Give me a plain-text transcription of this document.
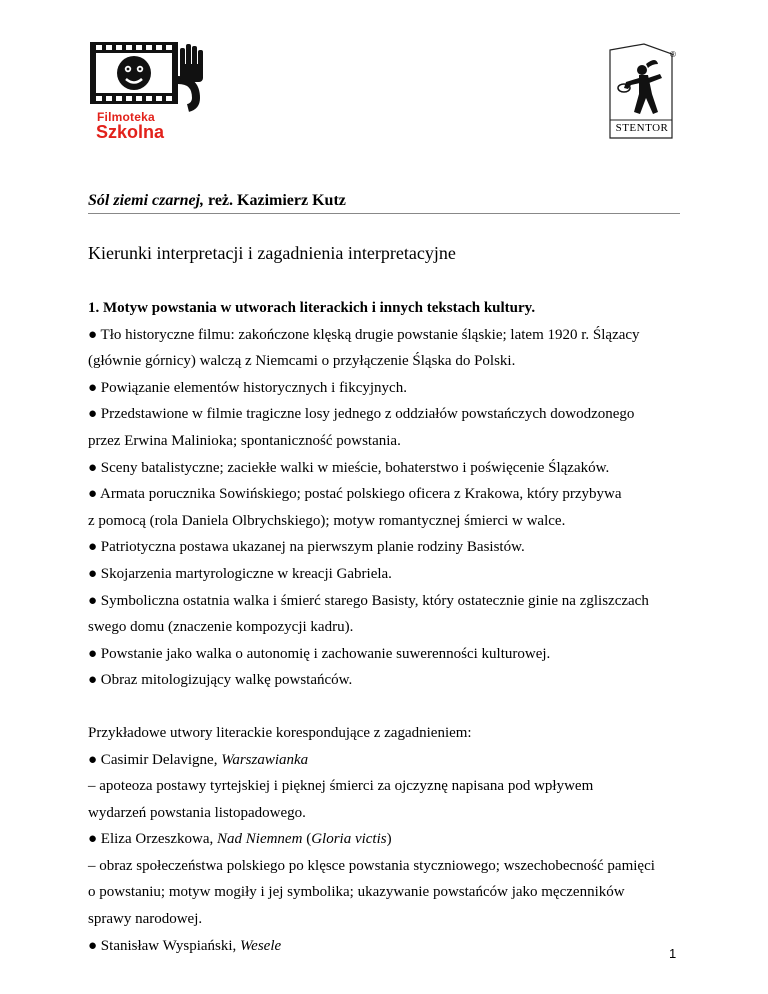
Filmoteka
Szkolna	STENTOR
®
Sól ziemi czarnej, reż. Kazimierz Kutz
Kierunki interpretacji i zagadnienia interpretacyjne

1. Motyw powstania w utworach literackich i innych tekstach kultury.

● Tło historyczne filmu: zakończone klęską drugie powstanie śląskie; latem 1920 r. Ślązacy

(głównie górnicy) walczą z Niemcami o przyłączenie Śląska do Polski.

● Powiązanie elementów historycznych i fikcyjnych.

● Przedstawione w filmie tragiczne losy jednego z oddziałów powstańczych dowodzonego

przez Erwina Malinioka; spontaniczność powstania.

● Sceny batalistyczne; zaciekłe walki w mieście, bohaterstwo i poświęcenie Ślązaków.

● Armata porucznika Sowińskiego; postać polskiego oficera z Krakowa, który przybywa

z pomocą (rola Daniela Olbrychskiego); motyw romantycznej śmierci w walce.

● Patriotyczna postawa ukazanej na pierwszym planie rodziny Basistów.

● Skojarzenia martyrologiczne w kreacji Gabriela.

● Symboliczna ostatnia walka i śmierć starego Basisty, który ostatecznie ginie na zgliszczach

swego domu (znaczenie kompozycji kadru).

● Powstanie jako walka o autonomię i zachowanie suwerenności kulturowej.

● Obraz mitologizujący walkę powstańców.

Przykładowe utwory literackie korespondujące z zagadnieniem:

● Casimir Delavigne, Warszawianka

– apoteoza postawy tyrtejskiej i pięknej śmierci za ojczyznę napisana pod wpływem

wydarzeń powstania listopadowego.

● Eliza Orzeszkowa, Nad Niemnem (Gloria victis)

– obraz społeczeństwa polskiego po klęsce powstania styczniowego; wszechobecność pamięci

o powstaniu; motyw mogiły i jej symbolika; ukazywanie powstańców jako męczenników

sprawy narodowej.

● Stanisław Wyspiański, Wesele	1
